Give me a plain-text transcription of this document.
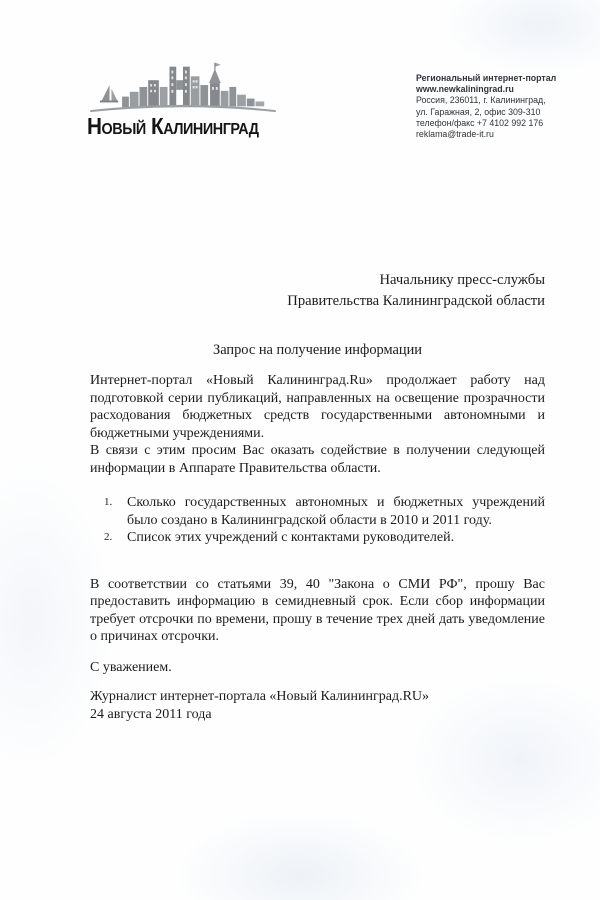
Новый Калининград
Региональный интернет-портал
www.newkaliningrad.ru
Россия, 236011, г. Калининград,
ул. Гаражная, 2, офис 309-310
телефон/факс +7 4102 992 176
reklama@trade-it.ru
Начальнику пресс-службы
Правительства Калининградской области
Запрос на получение информации
Интернет-портал «Новый Калининград.Ru» продолжает работу над подготовкой серии публикаций, направленных на освещение прозрачности расходования бюджетных средств государственными автономными и бюджетными учреждениями.
В связи с этим просим Вас оказать содействие в получении следующей информации в Аппарате Правительства области.
1.	Сколько государственных автономных и бюджетных учреждений было создано в Калининградской области в 2010 и 2011 году.
2.	Список этих учреждений с контактами руководителей.
В соответствии со статьями 39, 40 "Закона о СМИ РФ", прошу Вас предоставить информацию в семидневный срок. Если сбор информации требует отсрочки по времени, прошу в течение трех дней дать уведомление о причинах отсрочки.
С уважением.
Журналист интернет-портала «Новый Калининград.RU»
24 августа 2011 года
